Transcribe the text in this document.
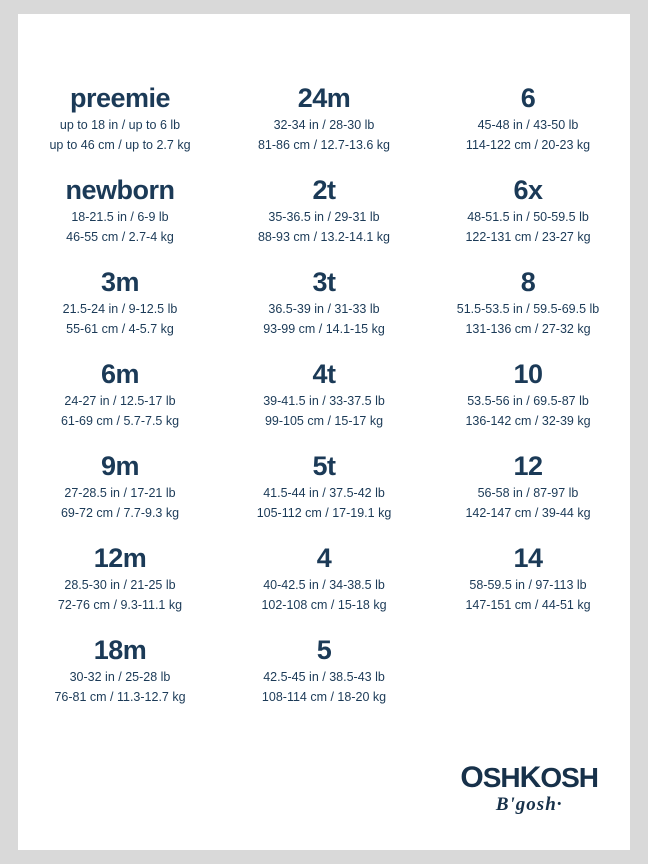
preemie
up to 18 in / up to 6 lb
up to 46 cm / up to 2.7 kg
24m
32-34 in / 28-30 lb
81-86 cm / 12.7-13.6 kg
6
45-48 in / 43-50 lb
114-122 cm / 20-23 kg
newborn
18-21.5 in / 6-9 lb
46-55 cm / 2.7-4 kg
2t
35-36.5 in / 29-31 lb
88-93 cm / 13.2-14.1 kg
6x
48-51.5 in / 50-59.5 lb
122-131 cm / 23-27 kg
3m
21.5-24 in / 9-12.5 lb
55-61 cm / 4-5.7 kg
3t
36.5-39 in / 31-33 lb
93-99 cm / 14.1-15 kg
8
51.5-53.5 in / 59.5-69.5 lb
131-136 cm / 27-32 kg
6m
24-27 in / 12.5-17 lb
61-69 cm / 5.7-7.5 kg
4t
39-41.5 in / 33-37.5 lb
99-105 cm / 15-17 kg
10
53.5-56 in / 69.5-87 lb
136-142 cm / 32-39 kg
9m
27-28.5 in / 17-21 lb
69-72 cm / 7.7-9.3 kg
5t
41.5-44 in / 37.5-42 lb
105-112 cm / 17-19.1 kg
12
56-58 in / 87-97 lb
142-147 cm / 39-44 kg
12m
28.5-30 in / 21-25 lb
72-76 cm / 9.3-11.1 kg
4
40-42.5 in / 34-38.5 lb
102-108 cm / 15-18 kg
14
58-59.5 in / 97-113 lb
147-151 cm / 44-51 kg
18m
30-32 in / 25-28 lb
76-81 cm / 11.3-12.7 kg
5
42.5-45 in / 38.5-43 lb
108-114 cm / 18-20 kg
OSHKOSH
B'gosh·
